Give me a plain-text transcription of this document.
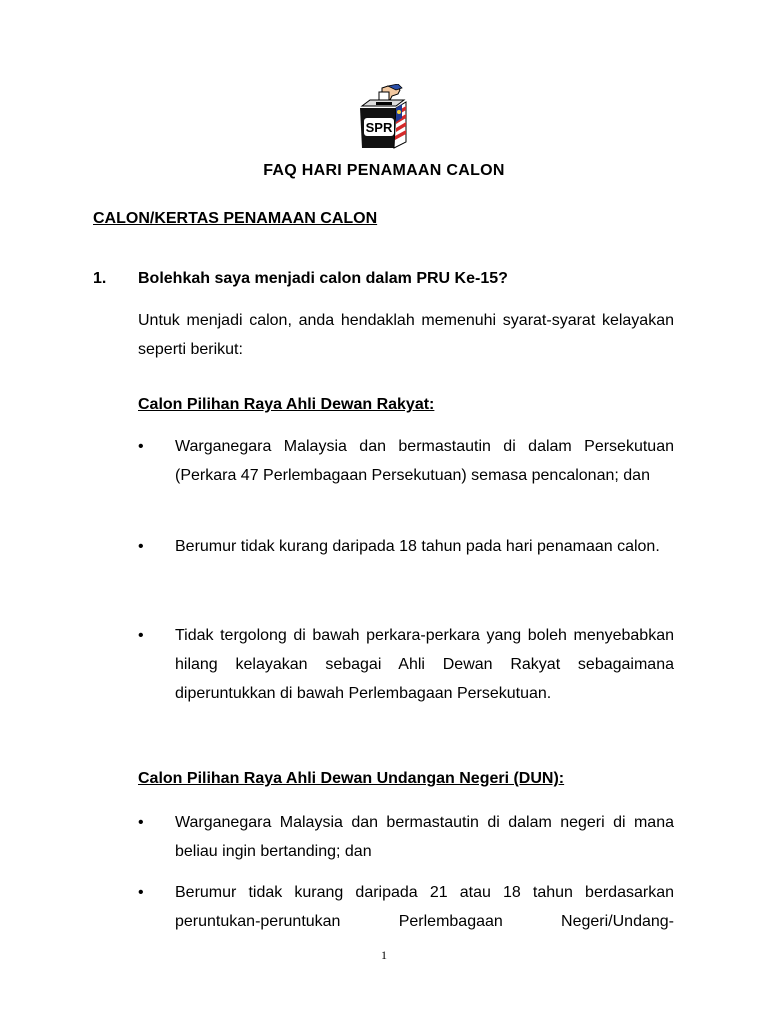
SPR
FAQ HARI PENAMAAN CALON
CALON/KERTAS PENAMAAN CALON
1. Bolehkah saya menjadi calon dalam PRU Ke-15?
Untuk menjadi calon, anda hendaklah memenuhi syarat-syarat kelayakan seperti berikut:
Calon Pilihan Raya Ahli Dewan Rakyat:
• Warganegara Malaysia dan bermastautin di dalam Persekutuan (Perkara 47 Perlembagaan Persekutuan) semasa pencalonan; dan
• Berumur tidak kurang daripada 18 tahun pada hari penamaan calon.
• Tidak tergolong di bawah perkara-perkara yang boleh menyebabkan hilang kelayakan sebagai Ahli Dewan Rakyat sebagaimana diperuntukkan di bawah Perlembagaan Persekutuan.
Calon Pilihan Raya Ahli Dewan Undangan Negeri (DUN):
• Warganegara Malaysia dan bermastautin di dalam negeri di mana beliau ingin bertanding; dan
• Berumur tidak kurang daripada 21 atau 18 tahun berdasarkan peruntukan-peruntukan Perlembagaan Negeri/Undang-
1
